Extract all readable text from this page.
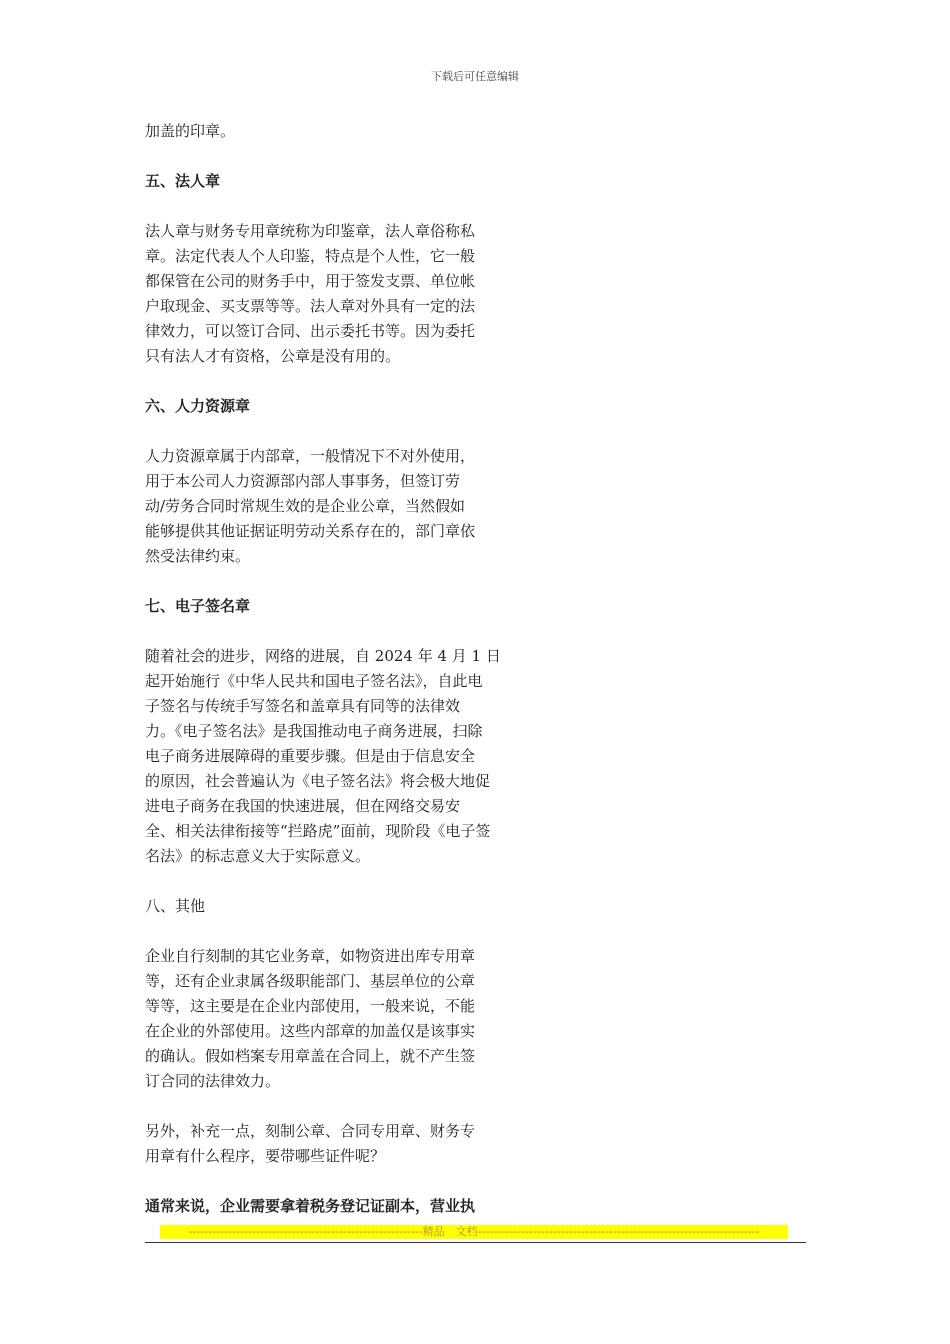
下载后可任意编辑
加盖的印章。
五、法人章
法人章与财务专用章统称为印鉴章，法人章俗称私
章。法定代表人个人印鉴，特点是个人性，它一般
都保管在公司的财务手中，用于签发支票、单位帐
户取现金、买支票等等。法人章对外具有一定的法
律效力，可以签订合同、出示委托书等。因为委托
只有法人才有资格，公章是没有用的。
六、人力资源章
人力资源章属于内部章，一般情况下不对外使用，
用于本公司人力资源部内部人事事务，但签订劳
动/劳务合同时常规生效的是企业公章，当然假如
能够提供其他证据证明劳动关系存在的，部门章依
然受法律约束。
七、电子签名章
随着社会的进步，网络的进展，自 2024 年 4 月 1 日
起开始施行《中华人民共和国电子签名法》，自此电
子签名与传统手写签名和盖章具有同等的法律效
力。《电子签名法》是我国推动电子商务进展，扫除
电子商务进展障碍的重要步骤。但是由于信息安全
的原因，社会普遍认为《电子签名法》将会极大地促
进电子商务在我国的快速进展，但在网络交易安
全、相关法律衔接等“拦路虎”面前，现阶段《电子签
名法》的标志意义大于实际意义。
八、其他
企业自行刻制的其它业务章，如物资进出库专用章
等，还有企业隶属各级职能部门、基层单位的公章
等等，这主要是在企业内部使用，一般来说，不能
在企业的外部使用。这些内部章的加盖仅是该事实
的确认。假如档案专用章盖在合同上，就不产生签
订合同的法律效力。
另外，补充一点，刻制公章、合同专用章、财务专
用章有什么程序，要带哪些证件呢？
通常来说，企业需要拿着税务登记证副本，营业执
-----------------------------------------------------------精品　文档-----------------------------------------------------------------------
